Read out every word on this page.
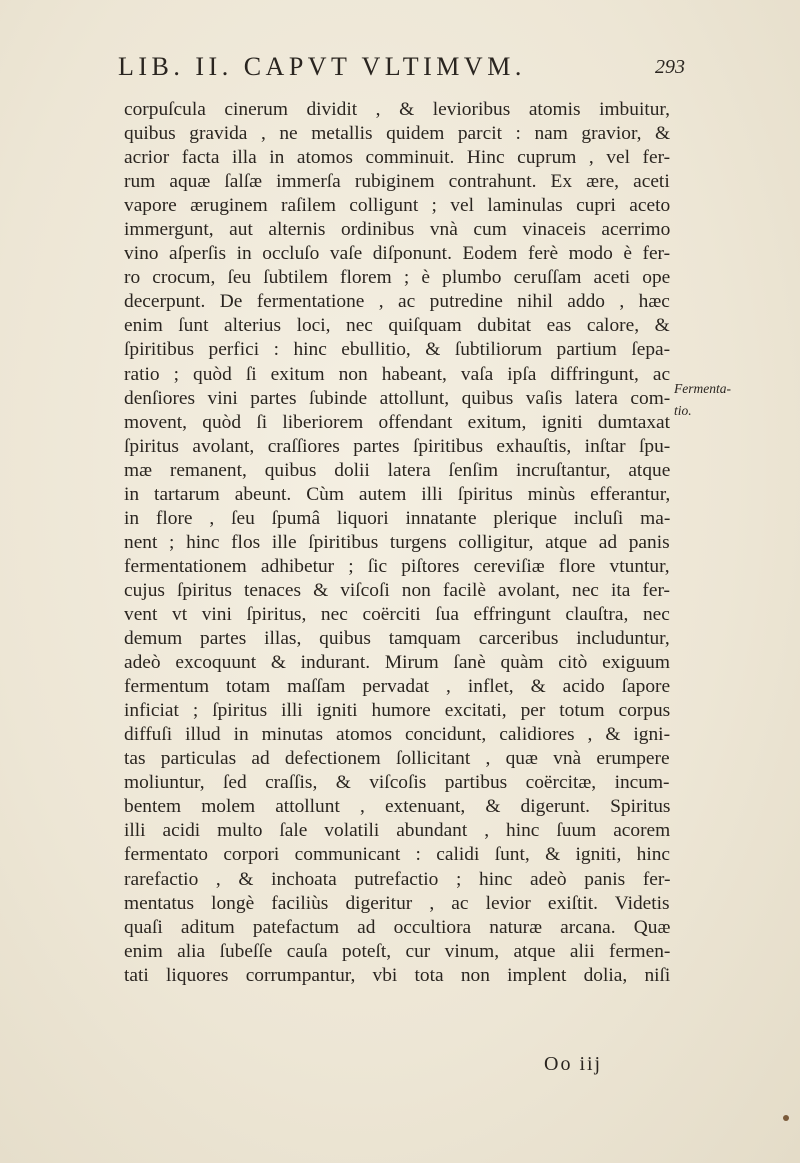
LIB. II. CAPVT VLTIMVM.	293
corpuſcula cinerum dividit , & levioribus atomis imbuitur,
quibus gravida , ne metallis quidem parcit : nam gravior, &
acrior facta illa in atomos comminuit. Hinc cuprum , vel fer-
rum aquæ ſalſæ immerſa rubiginem contrahunt. Ex ære, aceti
vapore æruginem raſilem colligunt ; vel laminulas cupri aceto
immergunt, aut alternis ordinibus vnà cum vinaceis acerrimo
vino aſperſis in occluſo vaſe diſponunt. Eodem ferè modo è fer-
ro crocum, ſeu ſubtilem florem ; è plumbo ceruſſam aceti ope
decerpunt. De fermentatione , ac putredine nihil addo , hæc
enim ſunt alterius loci, nec quiſquam dubitat eas calore, &
ſpiritibus perfici : hinc ebullitio, & ſubtiliorum partium ſepa-
ratio ; quòd ſi exitum non habeant, vaſa ipſa diffringunt, ac
denſiores vini partes ſubinde attollunt, quibus vaſis latera com-
movent, quòd ſi liberiorem offendant exitum, igniti dumtaxat
ſpiritus avolant, craſſiores partes ſpiritibus exhauſtis, inſtar ſpu-
mæ remanent, quibus dolii latera ſenſim incruſtantur, atque
in tartarum abeunt. Cùm autem illi ſpiritus minùs efferantur,
in flore , ſeu ſpumâ liquori innatante plerique incluſi ma-
nent ; hinc flos ille ſpiritibus turgens colligitur, atque ad panis
fermentationem adhibetur ; ſic piſtores cereviſiæ flore vtuntur,
cujus ſpiritus tenaces & viſcoſi non facilè avolant, nec ita fer-
vent vt vini ſpiritus, nec coërciti ſua effringunt clauſtra, nec
demum partes illas, quibus tamquam carceribus includuntur,
adeò excoquunt & indurant. Mirum ſanè quàm citò exiguum
fermentum totam maſſam pervadat , inflet, & acido ſapore
inficiat ; ſpiritus illi igniti humore excitati, per totum corpus
diffuſi illud in minutas atomos concidunt, calidiores , & igni-
tas particulas ad defectionem ſollicitant , quæ vnà erumpere
moliuntur, ſed craſſis, & viſcoſis partibus coërcitæ, incum-
bentem molem attollunt , extenuant, & digerunt. Spiritus
illi acidi multo ſale volatili abundant , hinc ſuum acorem
fermentato corpori communicant : calidi ſunt, & igniti, hinc
rarefactio , & inchoata putrefactio ; hinc adeò panis fer-
mentatus longè faciliùs digeritur , ac levior exiſtit. Videtis
quaſi aditum patefactum ad occultiora naturæ arcana. Quæ
enim alia ſubeſſe cauſa poteſt, cur vinum, atque alii fermen-
tati liquores corrumpantur, vbi tota non implent dolia, niſi
Fermenta-
tio.
Oo iij
